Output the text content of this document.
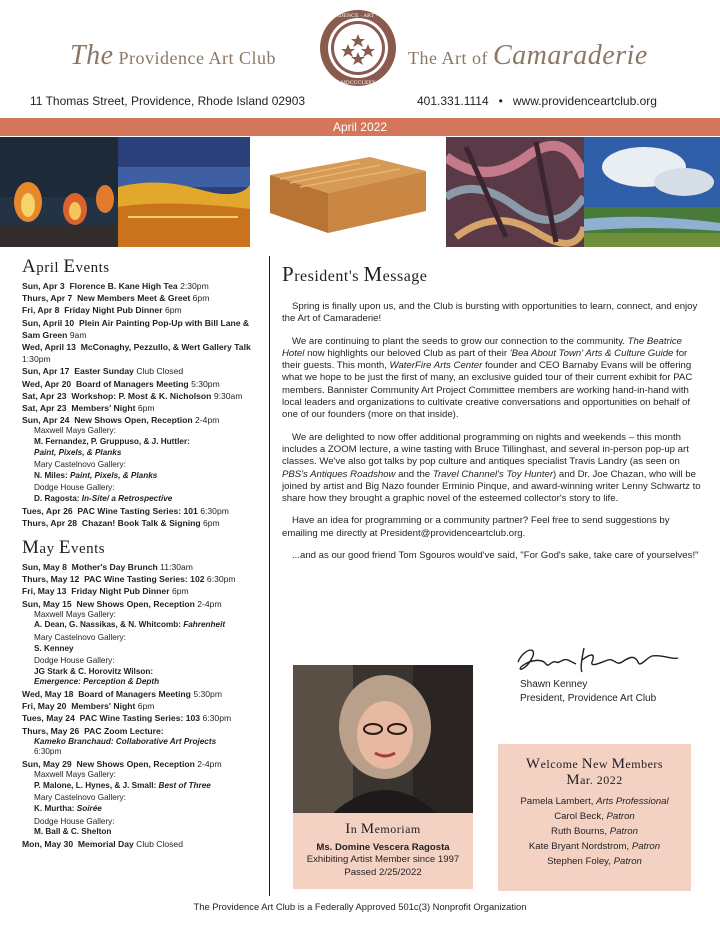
The Providence Art Club
PROVIDENCE · ART · CLUB
MDCCCLXXX
The Art of Camaraderie
11 Thomas Street, Providence, Rhode Island 02903	401.331.1114 • www.providenceartclub.org
April 2022
April Events
Sun, Apr 3 Florence B. Kane High Tea 2:30pm
Thurs, Apr 7 New Members Meet & Greet 6pm
Fri, Apr 8 Friday Night Pub Dinner 6pm
Sun, April 10 Plein Air Painting Pop-Up with Bill Lane & Sam Green 9am
Wed, April 13 McConaghy, Pezzullo, & Wert Gallery Talk 1:30pm
Sun, Apr 17 Easter Sunday Club Closed
Wed, Apr 20 Board of Managers Meeting 5:30pm
Sat, Apr 23 Workshop: P. Most & K. Nicholson 9:30am
Sat, Apr 23 Members' Night 6pm
Sun, Apr 24 New Shows Open, Reception 2-4pm
Maxwell Mays Gallery:
M. Fernandez, P. Gruppuso, & J. Huttler:
Paint, Pixels, & Planks
Mary Castelnovo Gallery:
N. Miles: Paint, Pixels, & Planks
Dodge House Gallery:
D. Ragosta: In-Site/ a Retrospective
Tues, Apr 26 PAC Wine Tasting Series: 101 6:30pm
Thurs, Apr 28 Chazan! Book Talk & Signing 6pm
May Events
Sun, May 8 Mother's Day Brunch 11:30am
Thurs, May 12 PAC Wine Tasting Series: 102 6:30pm
Fri, May 13 Friday Night Pub Dinner 6pm
Sun, May 15 New Shows Open, Reception 2-4pm
Maxwell Mays Gallery:
A. Dean, G. Nassikas, & N. Whitcomb: Fahrenheit
Mary Castelnovo Gallery:
S. Kenney
Dodge House Gallery:
JG Stark & C. Horovitz Wilson:
Emergence: Perception & Depth
Wed, May 18 Board of Managers Meeting 5:30pm
Fri, May 20 Members' Night 6pm
Tues, May 24 PAC Wine Tasting Series: 103 6:30pm
Thurs, May 26 PAC Zoom Lecture:
Kameko Branchaud: Collaborative Art Projects
6:30pm
Sun, May 29 New Shows Open, Reception 2-4pm
Maxwell Mays Gallery:
P. Malone, L. Hynes, & J. Small: Best of Three
Mary Castelnovo Gallery:
K. Murtha: Soirée
Dodge House Gallery:
M. Ball & C. Shelton
Mon, May 30 Memorial Day Club Closed
President's Message

Spring is finally upon us, and the Club is bursting with opportunities to learn, connect, and enjoy the Art of Camaraderie!

We are continuing to plant the seeds to grow our connection to the community. The Beatrice Hotel now highlights our beloved Club as part of their 'Bea About Town' Arts & Culture Guide for their guests. This month, WaterFire Arts Center founder and CEO Barnaby Evans will be offering what we hope to be just the first of many, an exclusive guided tour of their current exhibit for PAC members. Bannister Community Art Project Committee members are working hand-in-hand with local leaders and organizations to cultivate creative conversations and opportunities on behalf of one of our founders (more on that inside).

We are delighted to now offer additional programming on nights and weekends – this month includes a ZOOM lecture, a wine tasting with Bruce Tillinghast, and several in-person pop-up art classes. We've also got talks by pop culture and antiques specialist Travis Landry (as seen on PBS's Antiques Roadshow and the Travel Channel's Toy Hunter) and Dr. Joe Chazan, who will be joined by artist and Big Nazo founder Erminio Pinque, and award-winning writer Lenny Schwartz to share how they brought a graphic novel of the esteemed collector's story to life.

Have an idea for programming or a community partner? Feel free to send suggestions by emailing me directly at President@providenceartclub.org.

...and as our good friend Tom Sgouros would've said, "For God's sake, take care of yourselves!"

Shawn Kenney
President, Providence Art Club
In Memoriam
Ms. Domine Vescera Ragosta
Exhibiting Artist Member since 1997
Passed 2/25/2022
Welcome New Members
Mar. 2022
Pamela Lambert, Arts Professional
Carol Beck, Patron
Ruth Bourns, Patron
Kate Bryant Nordstrom, Patron
Stephen Foley, Patron
The Providence Art Club is a Federally Approved 501c(3) Nonprofit Organization
